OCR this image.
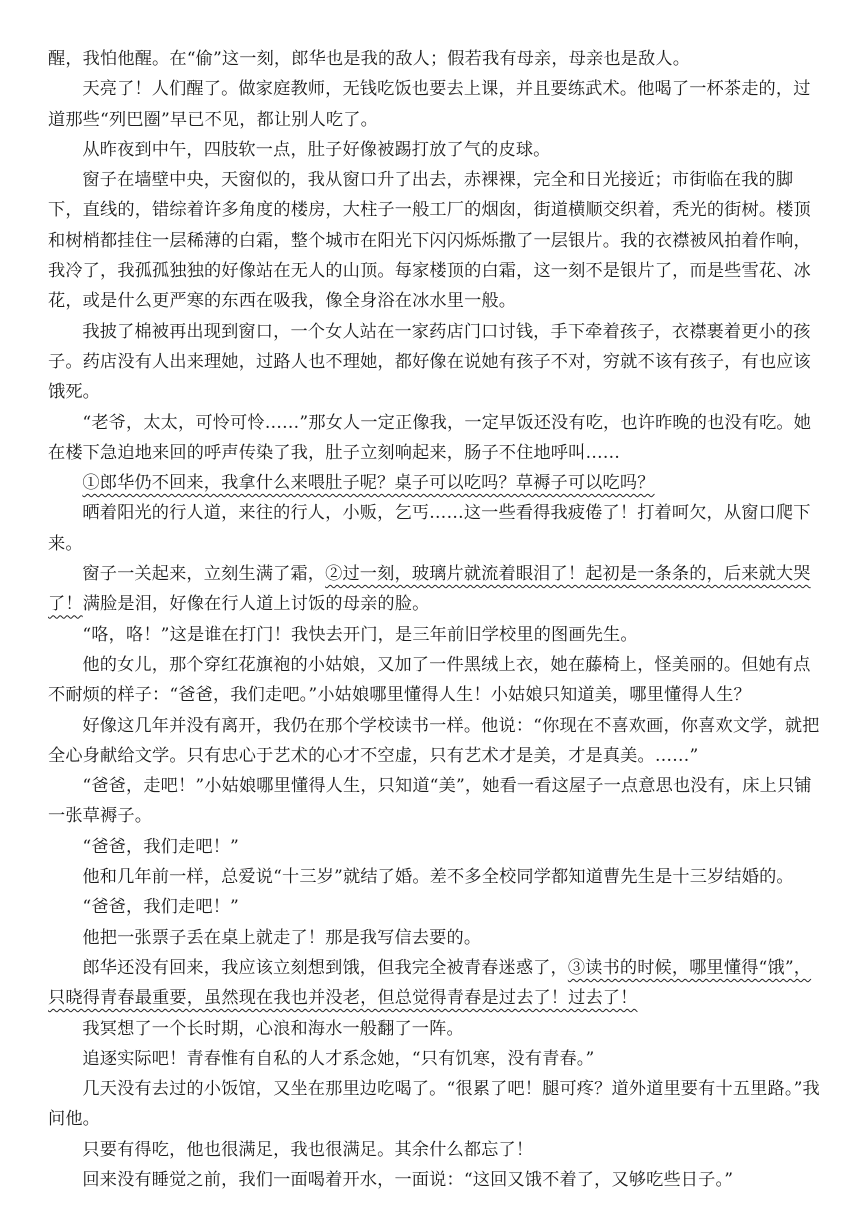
醒，我怕他醒。在“偷”这一刻，郎华也是我的敌人；假若我有母亲，母亲也是敌人。

天亮了！人们醒了。做家庭教师，无钱吃饭也要去上课，并且要练武术。他喝了一杯茶走的，过道那些“列巴圈”早已不见，都让别人吃了。

从昨夜到中午，四肢软一点，肚子好像被踢打放了气的皮球。

窗子在墙壁中央，天窗似的，我从窗口升了出去，赤裸裸，完全和日光接近；市街临在我的脚下，直线的，错综着许多角度的楼房，大柱子一般工厂的烟囱，街道横顺交织着，秃光的街树。楼顶和树梢都挂住一层稀薄的白霜，整个城市在阳光下闪闪烁烁撒了一层银片。我的衣襟被风拍着作响，我冷了，我孤孤独独的好像站在无人的山顶。每家楼顶的白霜，这一刻不是银片了，而是些雪花、冰花，或是什么更严寒的东西在吸我，像全身浴在冰水里一般。

我披了棉被再出现到窗口，一个女人站在一家药店门口讨钱，手下牵着孩子，衣襟裹着更小的孩子。药店没有人出来理她，过路人也不理她，都好像在说她有孩子不对，穷就不该有孩子，有也应该饿死。

“老爷，太太，可怜可怜……”那女人一定正像我，一定早饭还没有吃，也许昨晚的也没有吃。她在楼下急迫地来回的呼声传染了我，肚子立刻响起来，肠子不住地呼叫……

①郎华仍不回来，我拿什么来喂肚子呢？桌子可以吃吗？草褥子可以吃吗？

晒着阳光的行人道，来往的行人，小贩，乞丐……这一些看得我疲倦了！打着呵欠，从窗口爬下来。

窗子一关起来，立刻生满了霜，②过一刻，玻璃片就流着眼泪了！起初是一条条的，后来就大哭了！满脸是泪，好像在行人道上讨饭的母亲的脸。

“咯，咯！”这是谁在打门！我快去开门，是三年前旧学校里的图画先生。

他的女儿，那个穿红花旗袍的小姑娘，又加了一件黑绒上衣，她在藤椅上，怪美丽的。但她有点不耐烦的样子：“爸爸，我们走吧。”小姑娘哪里懂得人生！小姑娘只知道美，哪里懂得人生？

好像这几年并没有离开，我仍在那个学校读书一样。他说：“你现在不喜欢画，你喜欢文学，就把全心身献给文学。只有忠心于艺术的心才不空虚，只有艺术才是美，才是真美。……”

“爸爸，走吧！”小姑娘哪里懂得人生，只知道“美”，她看一看这屋子一点意思也没有，床上只铺一张草褥子。

“爸爸，我们走吧！”

他和几年前一样，总爱说“十三岁”就结了婚。差不多全校同学都知道曹先生是十三岁结婚的。

“爸爸，我们走吧！”

他把一张票子丢在桌上就走了！那是我写信去要的。

郎华还没有回来，我应该立刻想到饿，但我完全被青春迷惑了，③读书的时候，哪里懂得“饿”，只晓得青春最重要，虽然现在我也并没老，但总觉得青春是过去了！过去了！

我冥想了一个长时期，心浪和海水一般翻了一阵。

追逐实际吧！青春惟有自私的人才系念她，“只有饥寒，没有青春。”

几天没有去过的小饭馆，又坐在那里边吃喝了。“很累了吧！腿可疼？道外道里要有十五里路。”我问他。

只要有得吃，他也很满足，我也很满足。其余什么都忘了！

回来没有睡觉之前，我们一面喝着开水，一面说：“这回又饿不着了，又够吃些日子。”
